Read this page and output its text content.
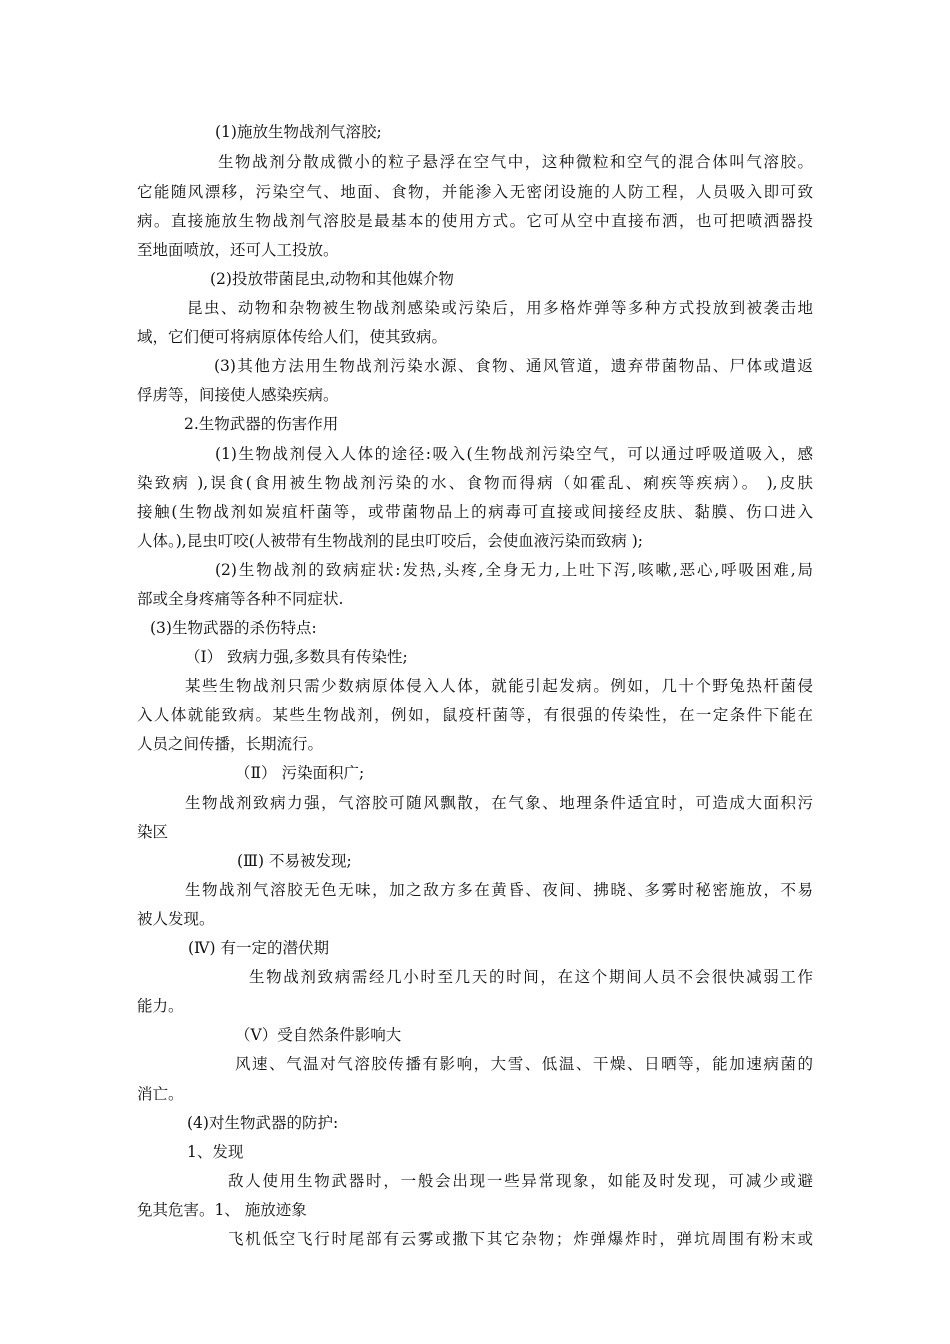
(1)施放生物战剂气溶胶;
生物战剂分散成微小的粒子悬浮在空气中，这种微粒和空气的混合体叫气溶胶。
它能随风漂移，污染空气、地面、食物，并能渗入无密闭设施的人防工程，人员吸入即可致
病。直接施放生物战剂气溶胶是最基本的使用方式。它可从空中直接布洒，也可把喷洒器投
至地面喷放，还可人工投放。
(2)投放带菌昆虫,动物和其他媒介物
昆虫、动物和杂物被生物战剂感染或污染后，用多格炸弹等多种方式投放到被袭击地
域，它们便可将病原体传给人们，使其致病。
(3)其他方法用生物战剂污染水源、食物、通风管道，遗弃带菌物品、尸体或遣返
俘虏等，间接使人感染疾病。
2.生物武器的伤害作用
(1)生物战剂侵入人体的途径:吸入(生物战剂污染空气，可以通过呼吸道吸入，感
染致病 ),误食(食用被生物战剂污染的水、食物而得病（如霍乱、痢疾等疾病）。 ),皮肤
接触(生物战剂如炭疽杆菌等，或带菌物品上的病毒可直接或间接经皮肤、黏膜、伤口进入
人体。),昆虫叮咬(人被带有生物战剂的昆虫叮咬后，会使血液污染而致病 );
(2)生物战剂的致病症状:发热,头疼,全身无力,上吐下泻,咳嗽,恶心,呼吸困难,局
部或全身疼痛等各种不同症状.
(3)生物武器的杀伤特点:
（Ⅰ） 致病力强,多数具有传染性;
某些生物战剂只需少数病原体侵入人体，就能引起发病。例如，几十个野兔热杆菌侵
入人体就能致病。某些生物战剂，例如，鼠疫杆菌等，有很强的传染性，在一定条件下能在
人员之间传播，长期流行。
（Ⅱ） 污染面积广;
生物战剂致病力强，气溶胶可随风飘散，在气象、地理条件适宜时，可造成大面积污
染区
(Ⅲ) 不易被发现;
生物战剂气溶胶无色无味，加之敌方多在黄昏、夜间、拂晓、多雾时秘密施放，不易
被人发现。
(Ⅳ) 有一定的潜伏期
生物战剂致病需经几小时至几天的时间，在这个期间人员不会很快减弱工作
能力。
（Ⅴ）受自然条件影响大
风速、气温对气溶胶传播有影响，大雪、低温、干燥、日晒等，能加速病菌的
消亡。
(4)对生物武器的防护:
1、发现
敌人使用生物武器时，一般会出现一些异常现象，如能及时发现，可减少或避
免其危害。1、 施放迹象
飞机低空飞行时尾部有云雾或撒下其它杂物；炸弹爆炸时，弹坑周围有粉末或
